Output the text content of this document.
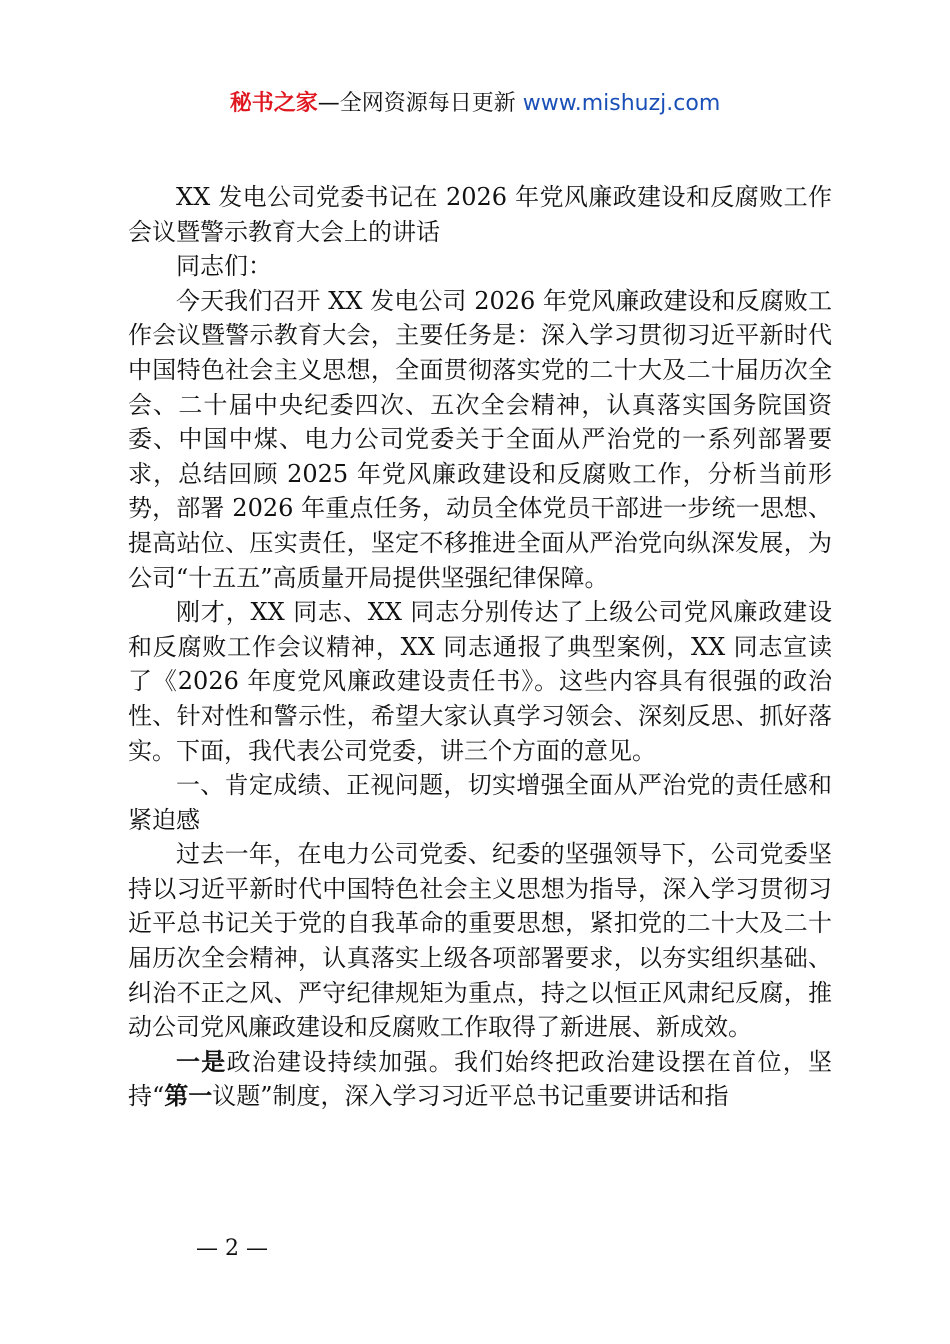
秘书之家—全网资源每日更新 www.mishuzj.com

XX 发电公司党委书记在 2026 年党风廉政建设和反腐败工作会议暨警示教育大会上的讲话

同志们：

今天我们召开 XX 发电公司 2026 年党风廉政建设和反腐败工作会议暨警示教育大会，主要任务是：深入学习贯彻习近平新时代中国特色社会主义思想，全面贯彻落实党的二十大及二十届历次全会、二十届中央纪委四次、五次全会精神，认真落实国务院国资委、中国中煤、电力公司党委关于全面从严治党的一系列部署要求，总结回顾 2025 年党风廉政建设和反腐败工作，分析当前形势，部署 2026 年重点任务，动员全体党员干部进一步统一思想、提高站位、压实责任，坚定不移推进全面从严治党向纵深发展，为公司“十五五”高质量开局提供坚强纪律保障。

刚才，XX 同志、XX 同志分别传达了上级公司党风廉政建设和反腐败工作会议精神，XX 同志通报了典型案例，XX 同志宣读了《2026 年度党风廉政建设责任书》。这些内容具有很强的政治性、针对性和警示性，希望大家认真学习领会、深刻反思、抓好落实。下面，我代表公司党委，讲三个方面的意见。

一、肯定成绩、正视问题，切实增强全面从严治党的责任感和紧迫感

过去一年，在电力公司党委、纪委的坚强领导下，公司党委坚持以习近平新时代中国特色社会主义思想为指导，深入学习贯彻习近平总书记关于党的自我革命的重要思想，紧扣党的二十大及二十届历次全会精神，认真落实上级各项部署要求，以夯实组织基础、纠治不正之风、严守纪律规矩为重点，持之以恒正风肃纪反腐，推动公司党风廉政建设和反腐败工作取得了新进展、新成效。

一是政治建设持续加强。我们始终把政治建设摆在首位，坚持“第一议题”制度，深入学习习近平总书记重要讲话和指

— 2 —
